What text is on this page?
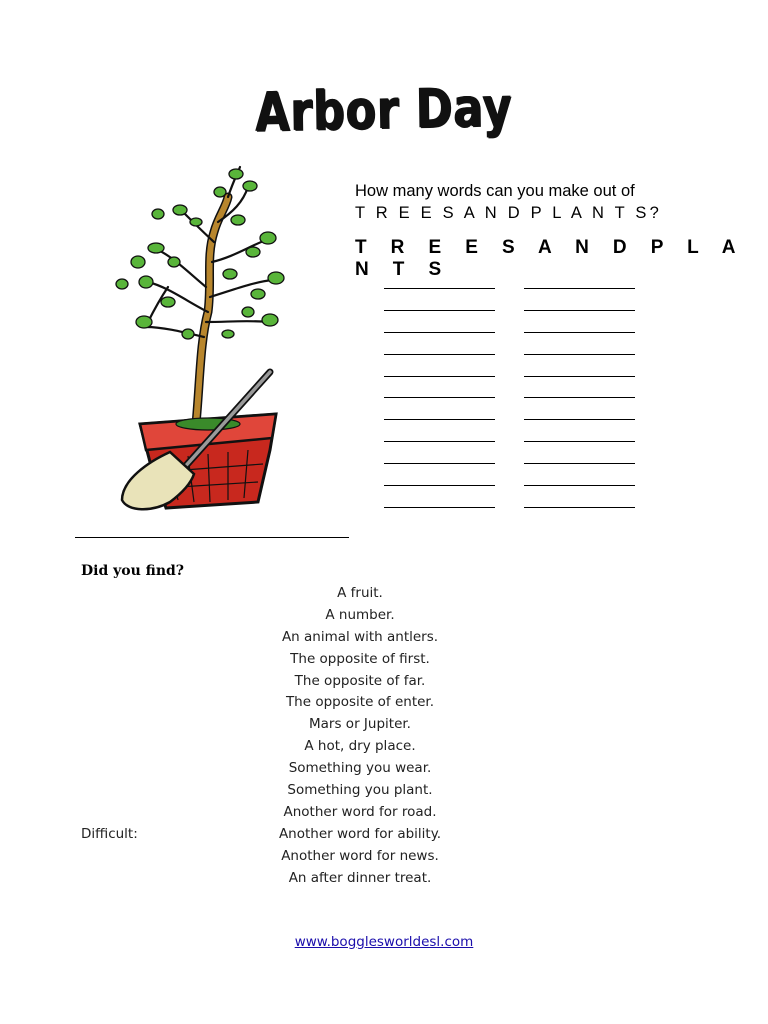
Arbor Day
How many words can you make out of
T R E E S A N D P L A N T S?
T R E E S A N D P L A N T S
Did you find?
A fruit.
A number.
An animal with antlers.
The opposite of first.
The opposite of far.
The opposite of enter.
Mars or Jupiter.
A hot, dry place.
Something you wear.
Something you plant.
Another word for road.
Another word for ability.
Another word for news.
An after dinner treat.
Difficult:
www.bogglesworldesl.com
